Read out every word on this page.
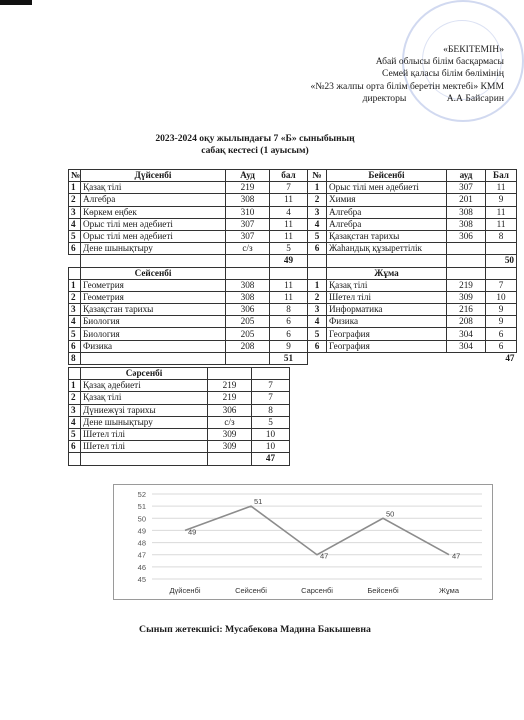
«БЕКІТЕМІН»
Абай облысы білім басқармасы
Семей қаласы білім бөлімінің
«№23 жалпы орта білім беретін мектебі» КММ
директоры	А.А Байсарин
2023-2024 оқу жылындағы 7 «Б» сыныбының
сабақ кестесі (1 ауысым)
№	Дүйсенбі	Ауд	бал	№	Бейсенбі	ауд	Бал
1	Қазақ тілі	219	7	1	Орыс тілі мен әдебиеті	307	11
2	Алгебра	308	11	2	Химия	201	9
3	Көркем еңбек	310	4	3	Алгебра	308	11
4	Орыс тілі мен әдебиеті	307	11	4	Алгебра	308	11
5	Орыс тілі мен әдебиеті	307	11	5	Қазақстан тарихы	306	8
6	Дене шынықтыру	с/з	5	6	Жаһандық құзыреттілік		
			49				50
	Сейсенбі				Жұма		
1	Геометрия	308	11	1	Қазақ тілі	219	7
2	Геометрия	308	11	2	Шетел тілі	309	10
3	Қазақстан тарихы	306	8	3	Информатика	216	9
4	Биология	205	6	4	Физика	208	9
5	Биология	205	6	5	География	304	6
6	Физика	208	9	6	География	304	6
8			51				47
	Сәрсенбі		
1	Қазақ әдебиеті	219	7
2	Қазақ тілі	219	7
3	Дүниежүзі тарихы	306	8
4	Дене шынықтыру	с/з	5
5	Шетел тілі	309	10
6	Шетел тілі	309	10
			47
45
46
47
48
49
50
51
52
Дүйсенбі	Сейсенбі	Сарсенбі	Бейсенбі	Жұма
49
51
47
50
47
Сынып жетекшісі: Мусабекова Мадина Бакышевна
